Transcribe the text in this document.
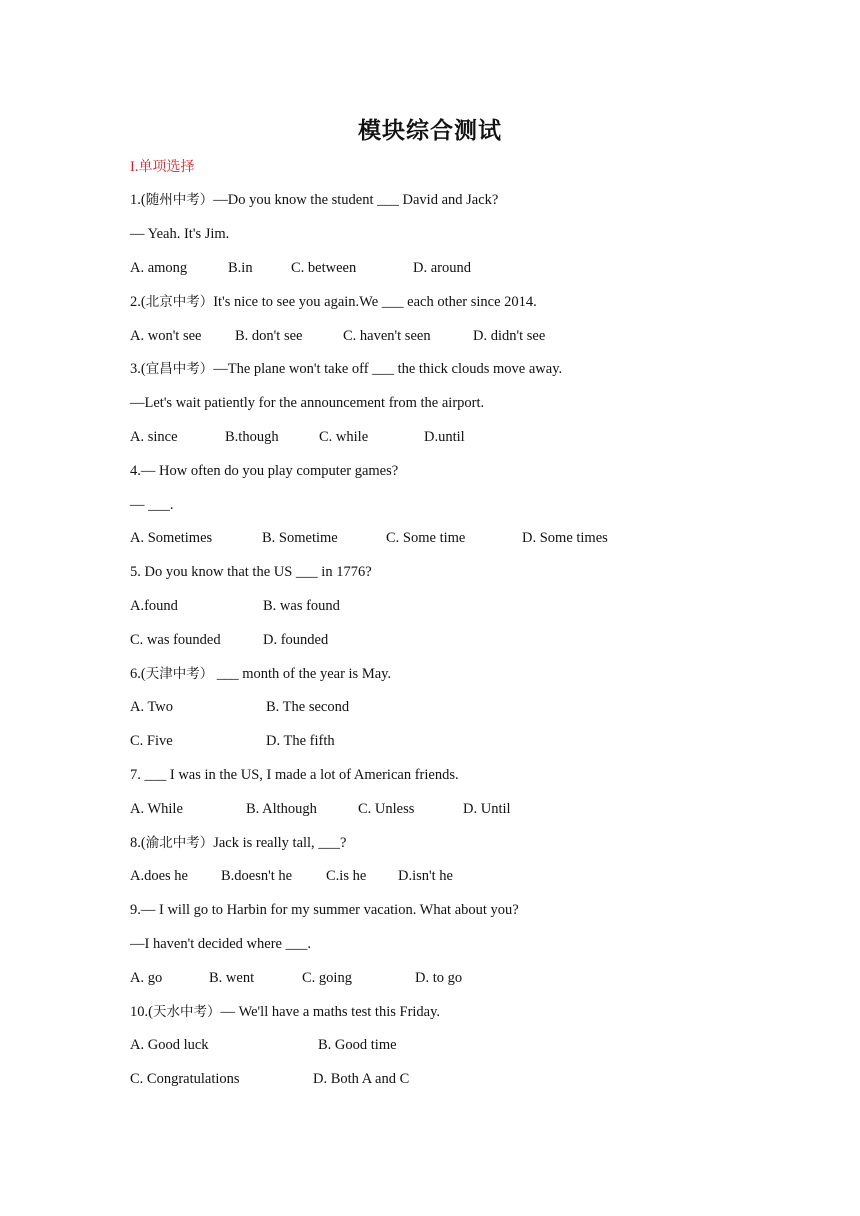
模块综合测试
I.单项选择
1.(随州中考）—Do you know the student ___ David and Jack?
— Yeah. It's Jim.
A. among	B.in	C. between	D. around
2.(北京中考）It's nice to see you again.We ___ each other since 2014.
A. won't see B. don't see	C. haven't seen	D. didn't see
3.(宜昌中考）—The plane won't take off ___ the thick clouds move away.
—Let's wait patiently for the announcement from the airport.
A. since	B.though	C. while	D.until
4.— How often do you play computer games?
— ___.
A. Sometimes	B. Sometime	C. Some time	D. Some times
5. Do you know that the US ___ in 1776?
A.found	B. was found
C. was founded	D. founded
6.(天津中考） ___ month of the year is May.
A. Two	B. The second
C. Five	D. The fifth
7. ___ I was in the US, I made a lot of American friends.
A. While	B. Although	C. Unless	D. Until
8.(渝北中考）Jack is really tall, ___?
A.does he B.doesn't he C.is he D.isn't he
9.— I will go to Harbin for my summer vacation. What about you?
—I haven't decided where ___.
A. go	B. went	C. going	D. to go
10.(天水中考）— We'll have a maths test this Friday.
A. Good luck	B. Good time
C. Congratulations	D. Both A and C
